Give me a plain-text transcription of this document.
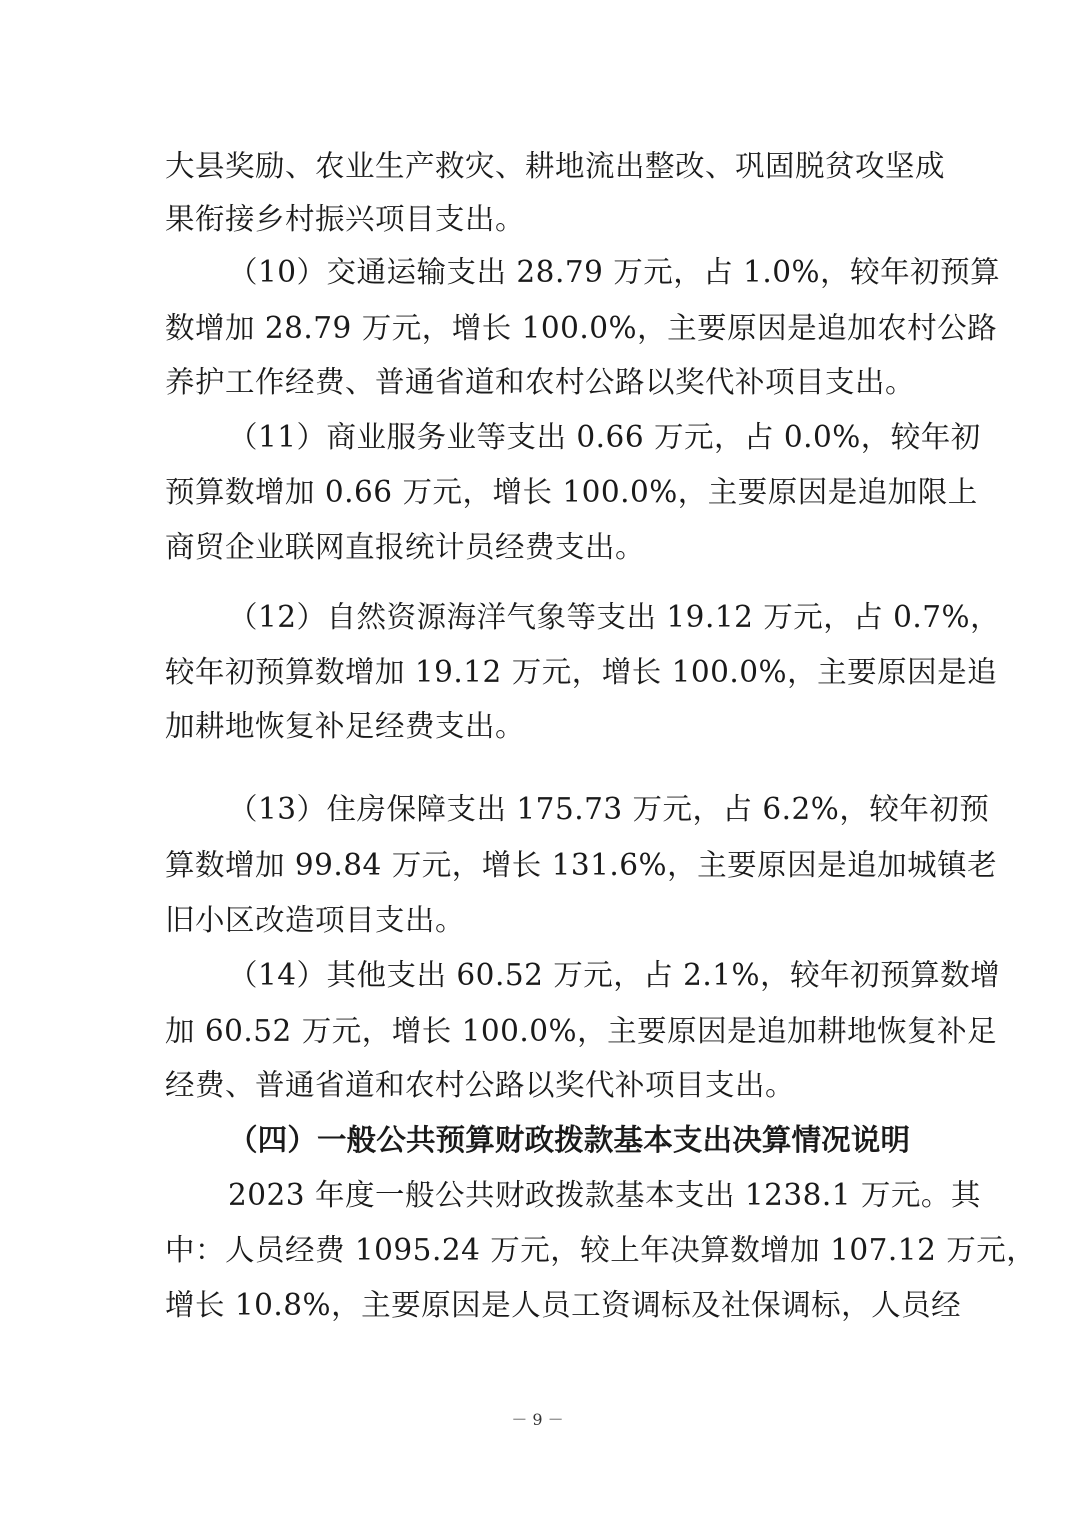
大县奖励、农业生产救灾、耕地流出整改、巩固脱贫攻坚成
果衔接乡村振兴项目支出。
（10）交通运输支出 28.79 万元，占 1.0%，较年初预算
数增加 28.79 万元，增长 100.0%，主要原因是追加农村公路
养护工作经费、普通省道和农村公路以奖代补项目支出。
（11）商业服务业等支出 0.66 万元，占 0.0%，较年初
预算数增加 0.66 万元，增长 100.0%，主要原因是追加限上
商贸企业联网直报统计员经费支出。
（12）自然资源海洋气象等支出 19.12 万元，占 0.7%，
较年初预算数增加 19.12 万元，增长 100.0%，主要原因是追
加耕地恢复补足经费支出。
（13）住房保障支出 175.73 万元，占 6.2%，较年初预
算数增加 99.84 万元，增长 131.6%，主要原因是追加城镇老
旧小区改造项目支出。
（14）其他支出 60.52 万元，占 2.1%，较年初预算数增
加 60.52 万元，增长 100.0%，主要原因是追加耕地恢复补足
经费、普通省道和农村公路以奖代补项目支出。
（四）一般公共预算财政拨款基本支出决算情况说明
2023 年度一般公共财政拨款基本支出 1238.1 万元。其
中：人员经费 1095.24 万元，较上年决算数增加 107.12 万元，
增长 10.8%，主要原因是人员工资调标及社保调标，人员经
－ 9 －
